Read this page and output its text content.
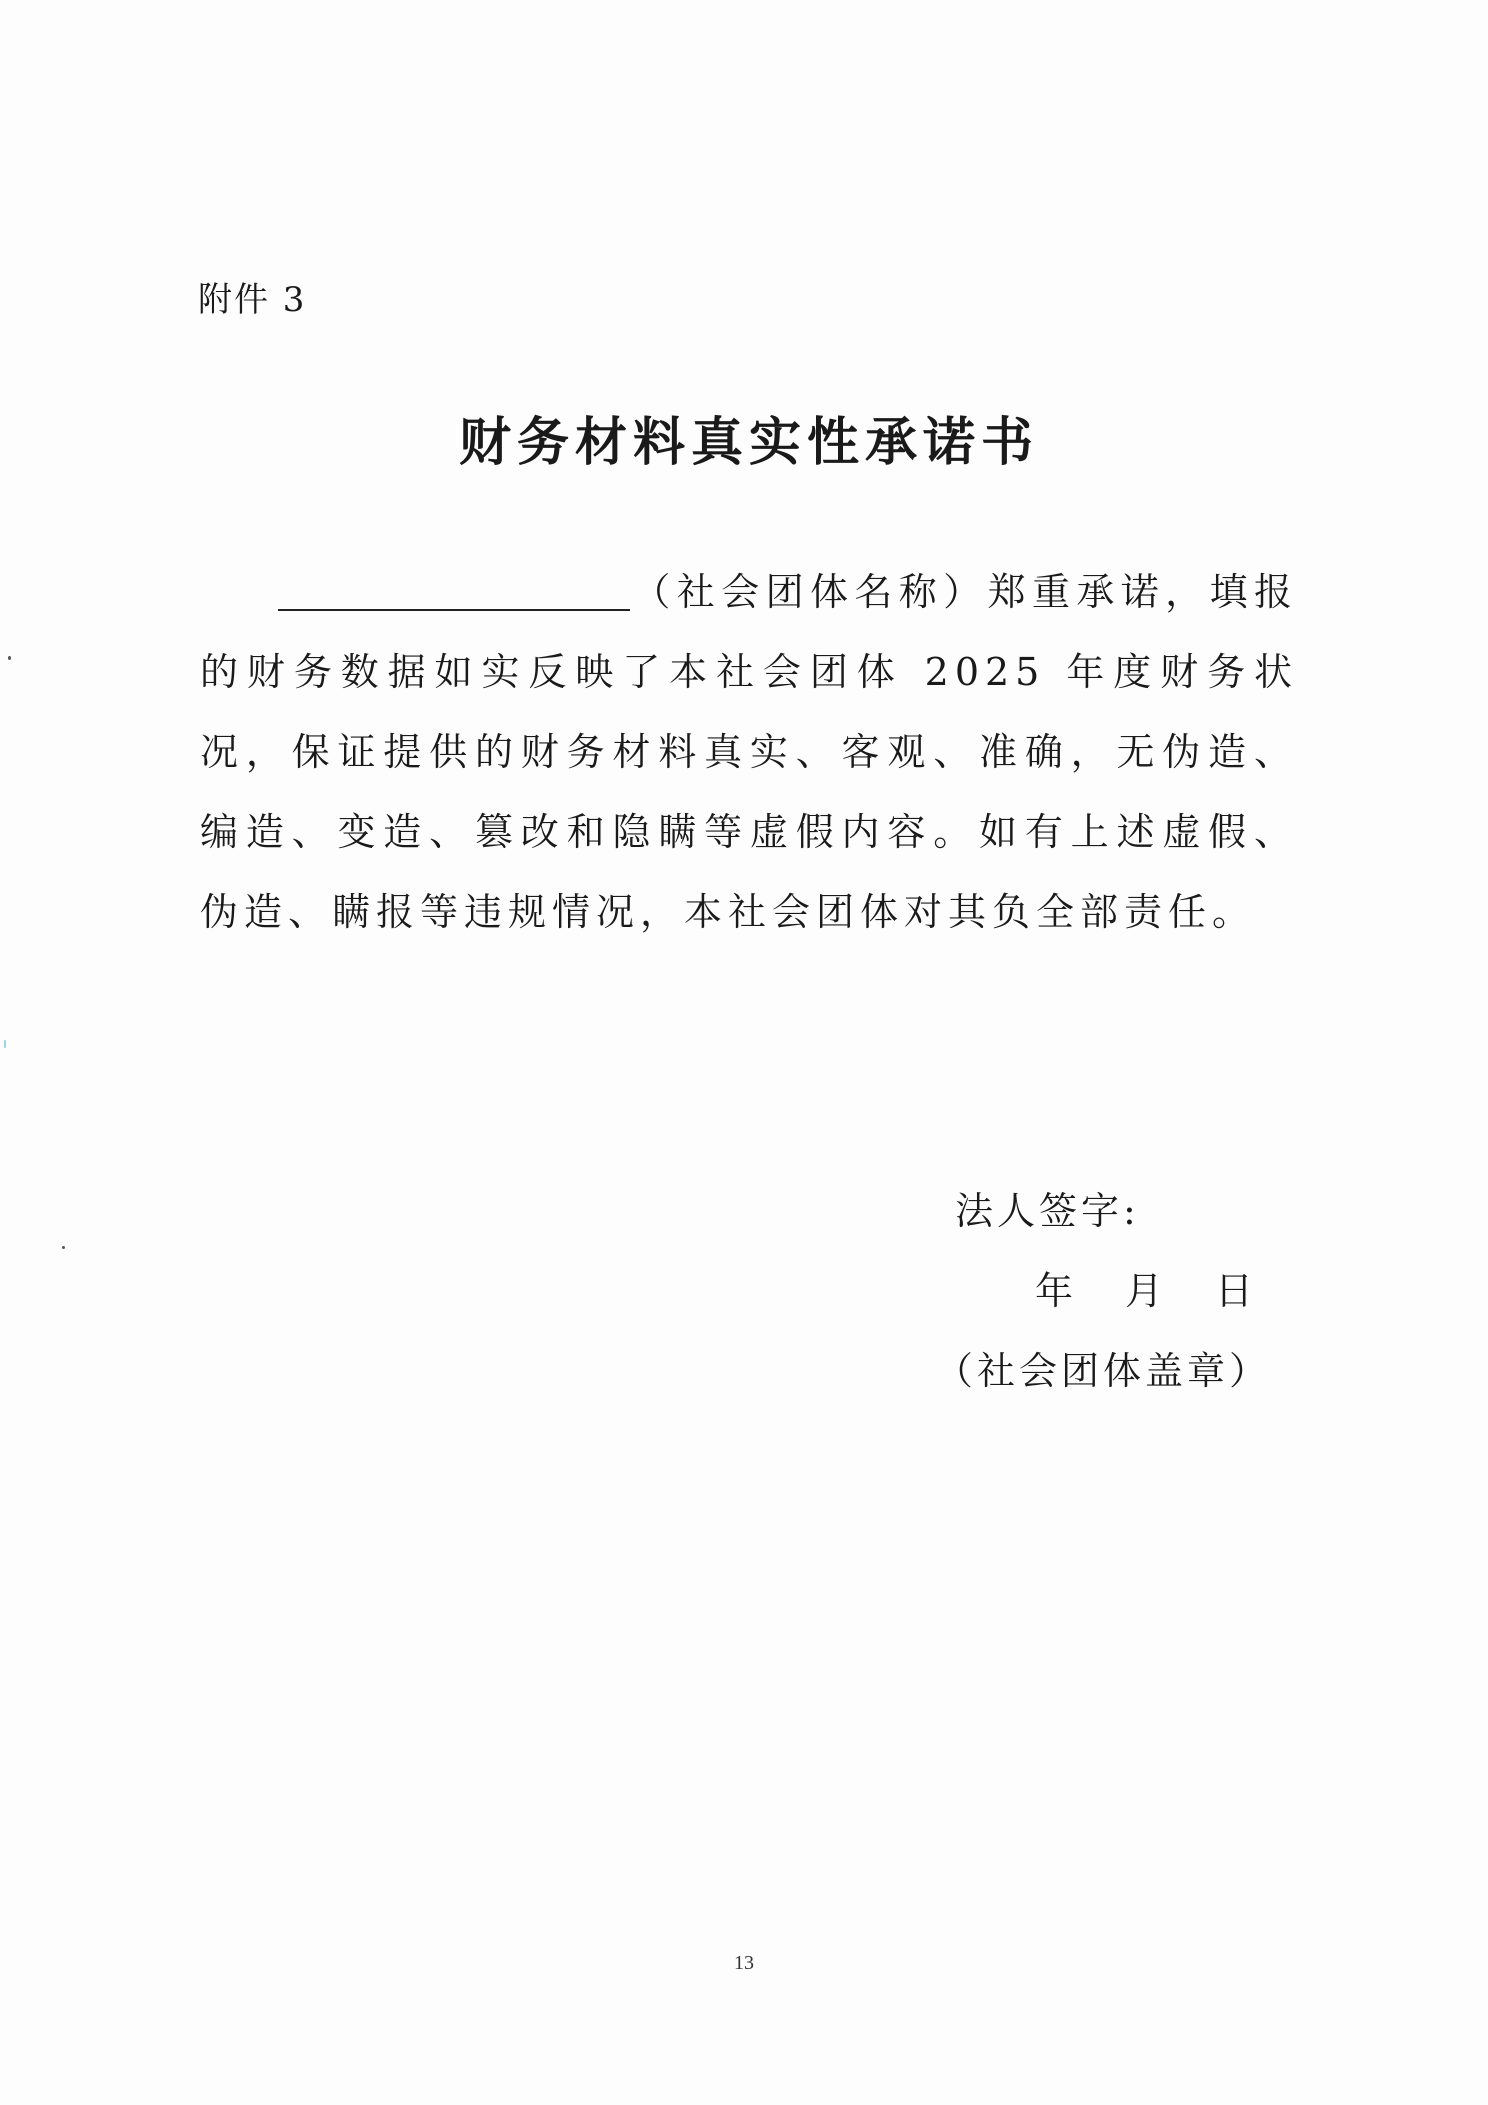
附件 3
财务材料真实性承诺书
（社会团体名称）郑重承诺，填报的财务数据如实反映了本社会团体 2025 年度财务状况，保证提供的财务材料真实、客观、准确，无伪造、编造、变造、篡改和隐瞒等虚假内容。如有上述虚假、伪造、瞒报等违规情况，本社会团体对其负全部责任。
法人签字:
年 月 日
（社会团体盖章）
13
